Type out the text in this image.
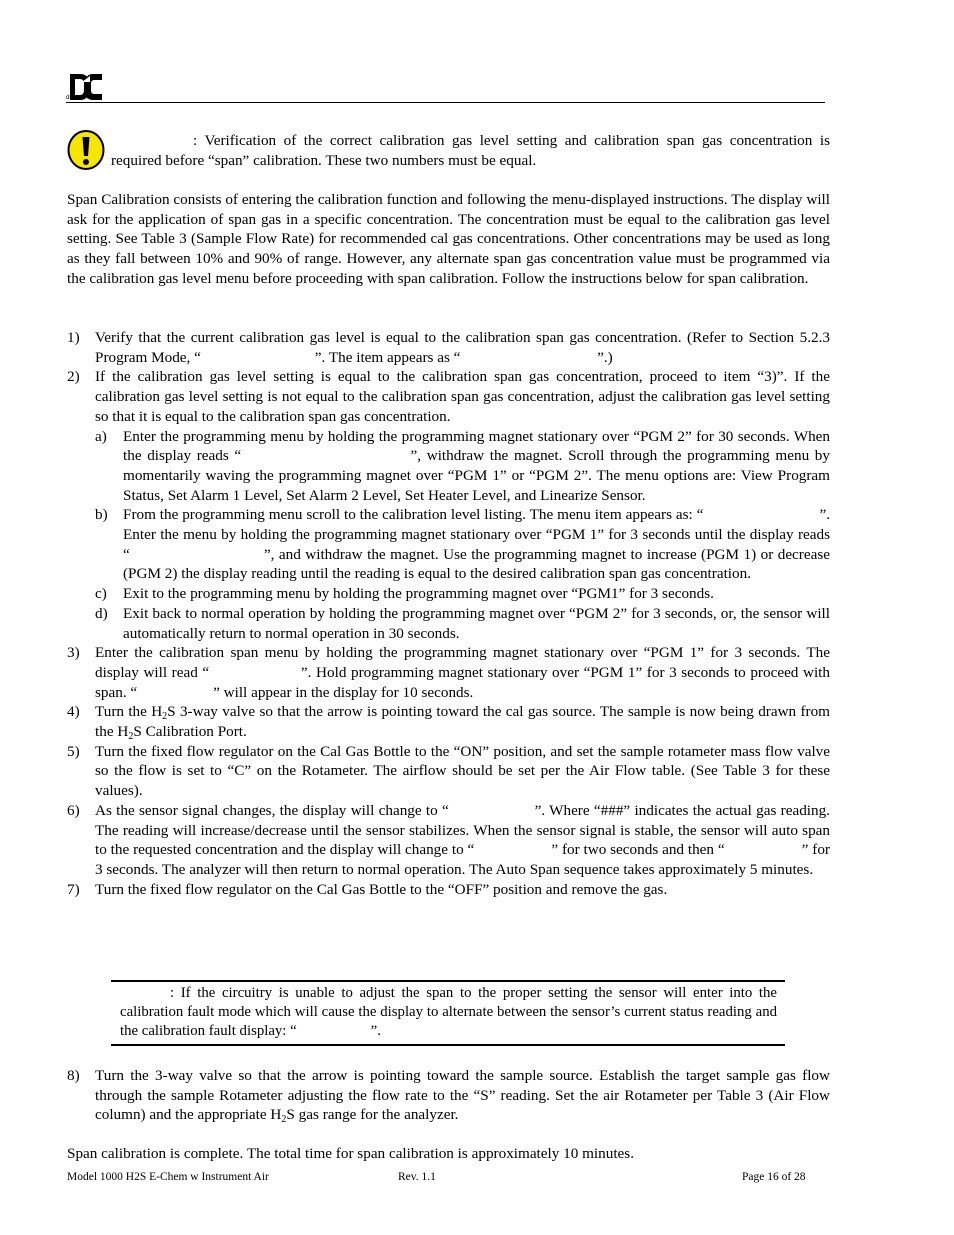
detcon inc.
: Verification of the correct calibration gas level setting and calibration span gas concentration is required before “span” calibration. These two numbers must be equal.
Span Calibration consists of entering the calibration function and following the menu-displayed instructions. The display will ask for the application of span gas in a specific concentration. The concentration must be equal to the calibration gas level setting. See Table 3 (Sample Flow Rate) for recommended cal gas concentrations. Other concentrations may be used as long as they fall between 10% and 90% of range. However, any alternate span gas concentration value must be programmed via the calibration gas level menu before proceeding with span calibration. Follow the instructions below for span calibration.
1) Verify that the current calibration gas level is equal to the calibration span gas concentration. (Refer to Section 5.2.3 Program Mode, “                              ”. The item appears as “                                    ”.)
2) If the calibration gas level setting is equal to the calibration span gas concentration, proceed to item “3)”. If the calibration gas level setting is not equal to the calibration span gas concentration, adjust the calibration gas level setting so that it is equal to the calibration span gas concentration.
a) Enter the programming menu by holding the programming magnet stationary over “PGM 2” for 30 seconds. When the display reads “                              ”, withdraw the magnet. Scroll through the programming menu by momentarily waving the programming magnet over “PGM 1” or “PGM 2”. The menu options are: View Program Status, Set Alarm 1 Level, Set Alarm 2 Level, Set Heater Level, and Linearize Sensor.
b) From the programming menu scroll to the calibration level listing. The menu item appears as: “                              ”. Enter the menu by holding the programming magnet stationary over “PGM 1” for 3 seconds until the display reads “                              ”, and withdraw the magnet. Use the programming magnet to increase (PGM 1) or decrease (PGM 2) the display reading until the reading is equal to the desired calibration span gas concentration.
c) Exit to the programming menu by holding the programming magnet over “PGM1” for 3 seconds.
d) Exit back to normal operation by holding the programming magnet over “PGM 2” for 3 seconds, or, the sensor will automatically return to normal operation in 30 seconds.
3) Enter the calibration span menu by holding the programming magnet stationary over “PGM 1” for 3 seconds. The display will read “                    ”. Hold programming magnet stationary over “PGM 1” for 3 seconds to proceed with span. “                    ” will appear in the display for 10 seconds.
4) Turn the $H_2S$ 3-way valve so that the arrow is pointing toward the cal gas source. The sample is now being drawn from the $H_2S$ Calibration Port.
5) Turn the fixed flow regulator on the Cal Gas Bottle to the “ON” position, and set the sample rotameter mass flow valve so the flow is set to “C” on the Rotameter. The airflow should be set per the Air Flow table. (See Table 3 for these values).
6) As the sensor signal changes, the display will change to “                    ”. Where “###” indicates the actual gas reading. The reading will increase/decrease until the sensor stabilizes. When the sensor signal is stable, the sensor will auto span to the requested concentration and the display will change to “                    ” for two seconds and then “                    ” for 3 seconds. The analyzer will then return to normal operation. The Auto Span sequence takes approximately 5 minutes.
7) Turn the fixed flow regulator on the Cal Gas Bottle to the “OFF” position and remove the gas.
: If the circuitry is unable to adjust the span to the proper setting the sensor will enter into the calibration fault mode which will cause the display to alternate between the sensor’s current status reading and the calibration fault display: “                    ”.
8) Turn the 3-way valve so that the arrow is pointing toward the sample source. Establish the target sample gas flow through the sample Rotameter adjusting the flow rate to the “S” reading. Set the air Rotameter per Table 3 (Air Flow column) and the appropriate $H_2S$ gas range for the analyzer.
Span calibration is complete. The total time for span calibration is approximately 10 minutes.
Model 1000 H2S E-Chem w Instrument Air	Rev. 1.1	Page 16 of 28
